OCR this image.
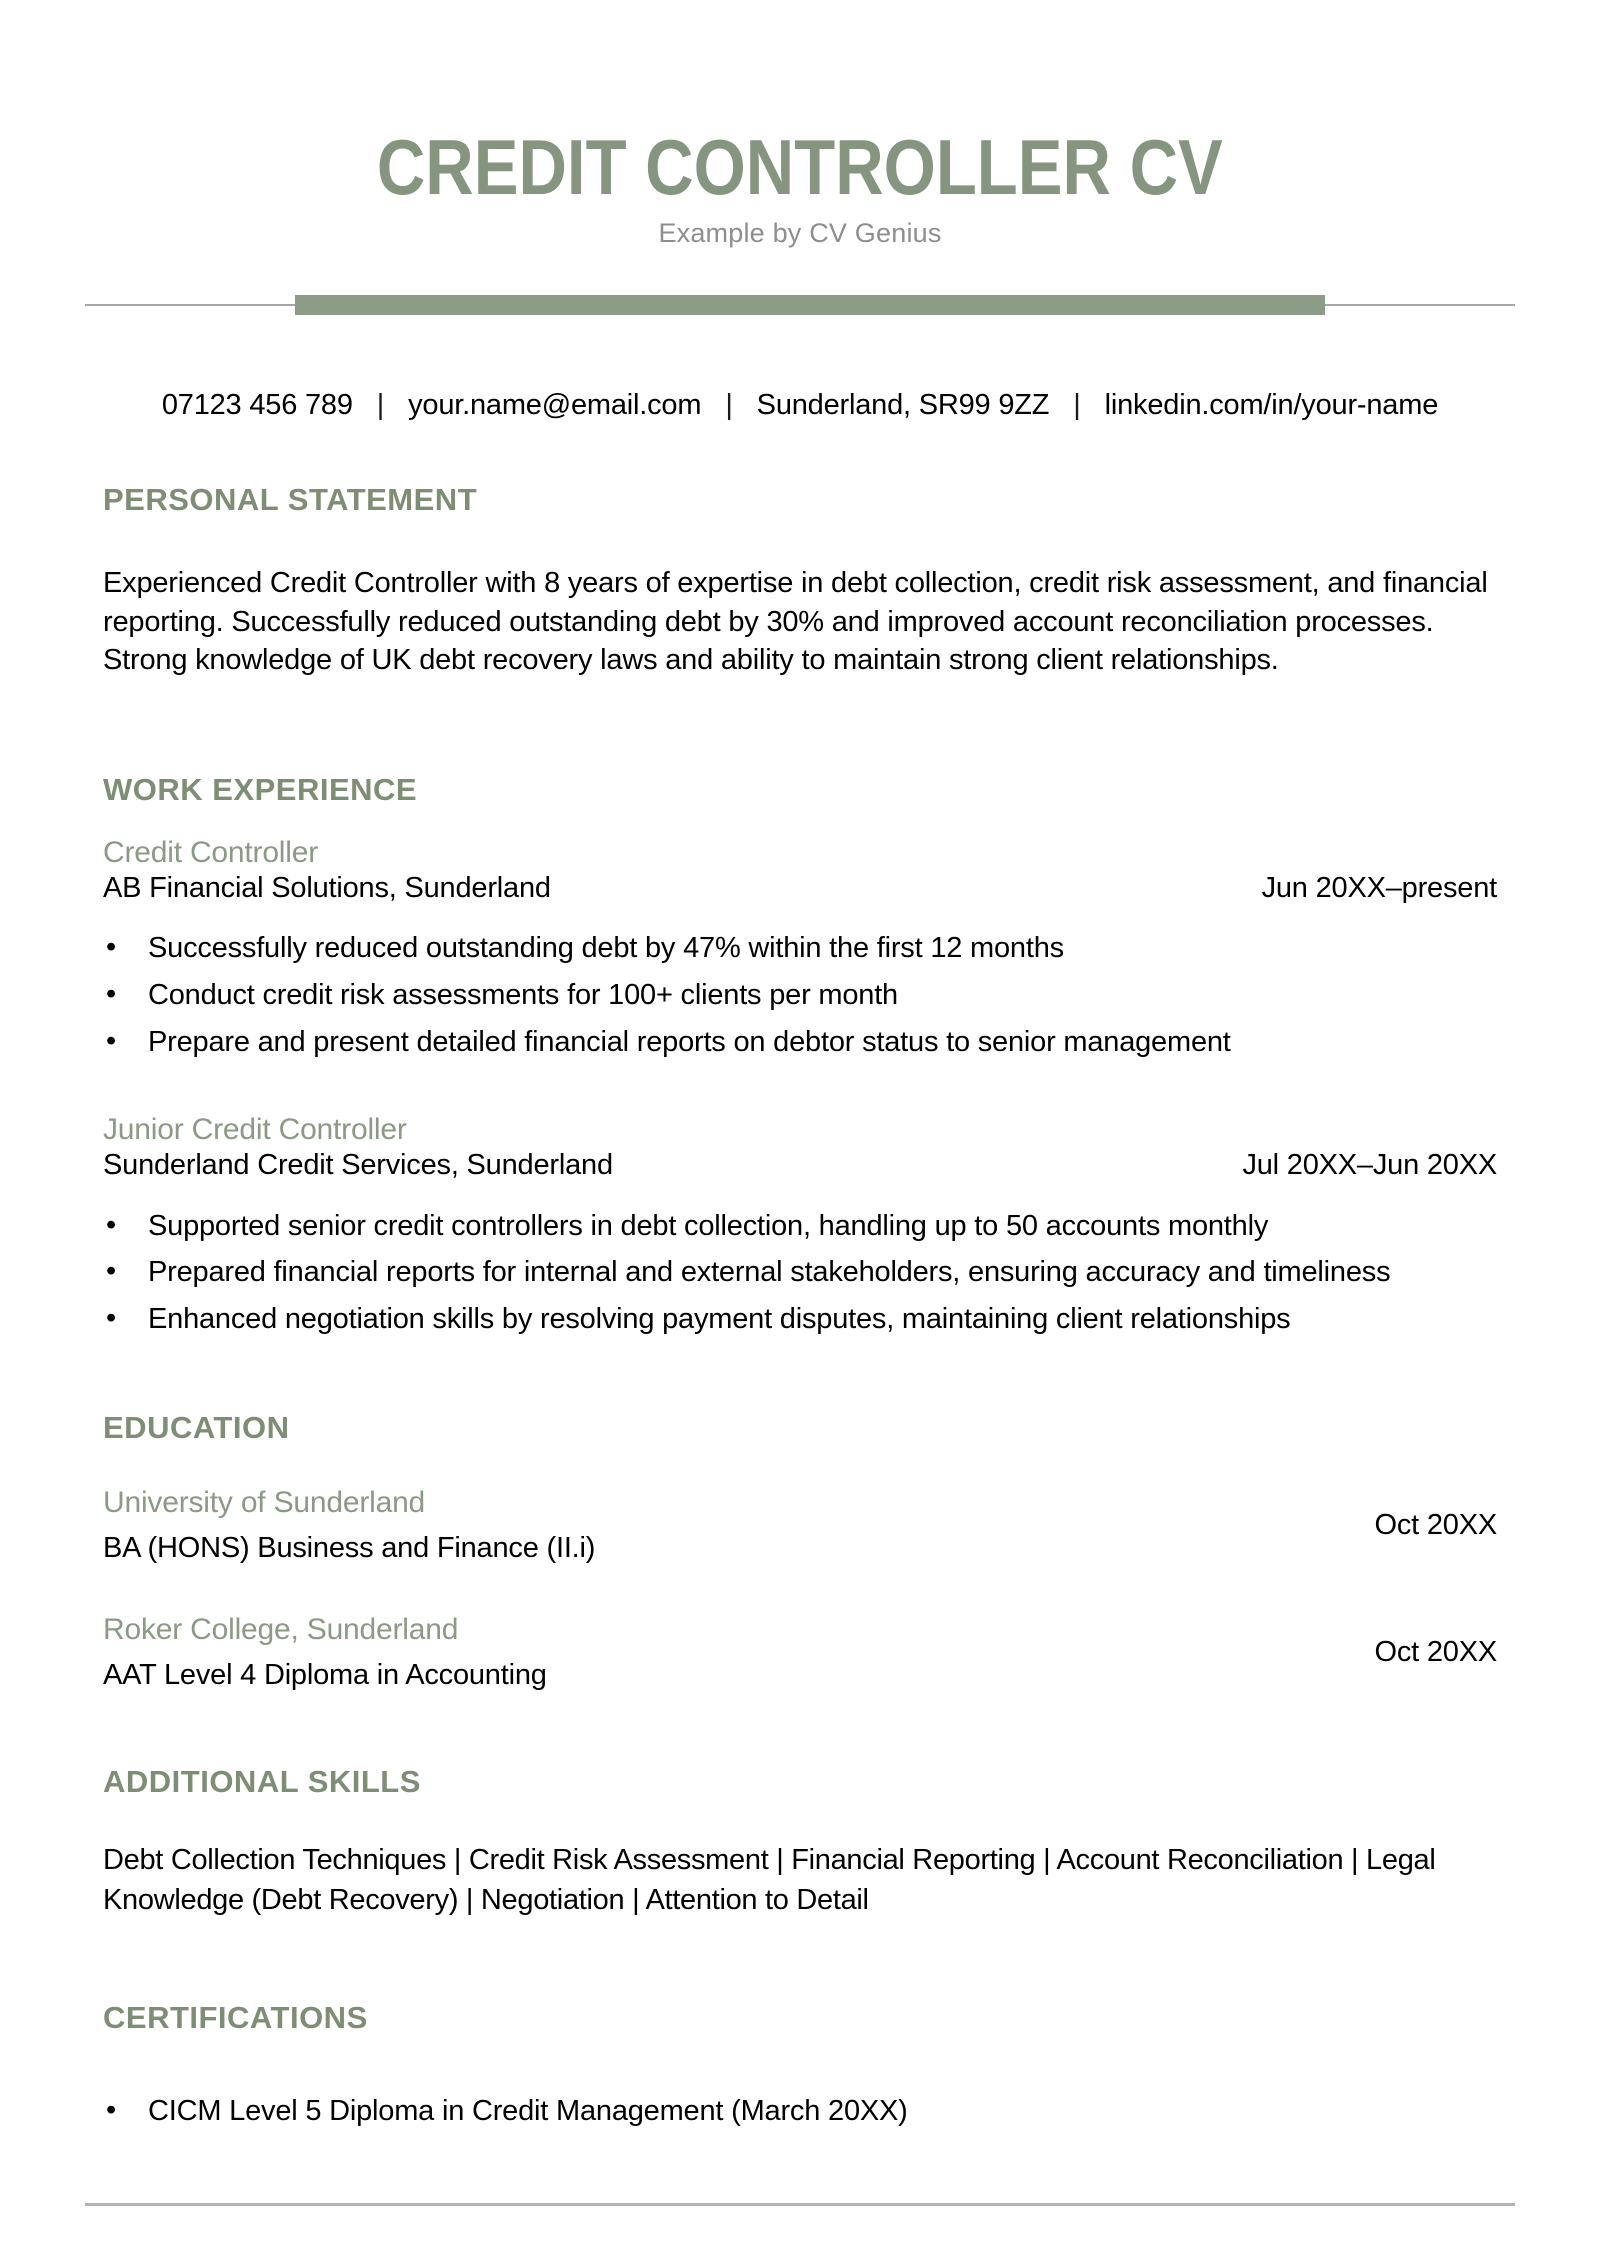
CREDIT CONTROLLER CV
Example by CV Genius
07123 456 789 | your.name@email.com | Sunderland, SR99 9ZZ | linkedin.com/in/your-name
PERSONAL STATEMENT

Experienced Credit Controller with 8 years of expertise in debt collection, credit risk assessment, and financial reporting. Successfully reduced outstanding debt by 30% and improved account reconciliation processes. Strong knowledge of UK debt recovery laws and ability to maintain strong client relationships.

WORK EXPERIENCE
Credit Controller
AB Financial Solutions, Sunderland	Jun 20XX–present
• Successfully reduced outstanding debt by 47% within the first 12 months
• Conduct credit risk assessments for 100+ clients per month
• Prepare and present detailed financial reports on debtor status to senior management
Junior Credit Controller
Sunderland Credit Services, Sunderland	Jul 20XX–Jun 20XX
• Supported senior credit controllers in debt collection, handling up to 50 accounts monthly
• Prepared financial reports for internal and external stakeholders, ensuring accuracy and timeliness
• Enhanced negotiation skills by resolving payment disputes, maintaining client relationships
EDUCATION
University of Sunderland
BA (HONS) Business and Finance (II.i)
Oct 20XX
Roker College, Sunderland
AAT Level 4 Diploma in Accounting
Oct 20XX
ADDITIONAL SKILLS

Debt Collection Techniques | Credit Risk Assessment | Financial Reporting | Account Reconciliation | Legal Knowledge (Debt Recovery) | Negotiation | Attention to Detail

CERTIFICATIONS
• CICM Level 5 Diploma in Credit Management (March 20XX)
